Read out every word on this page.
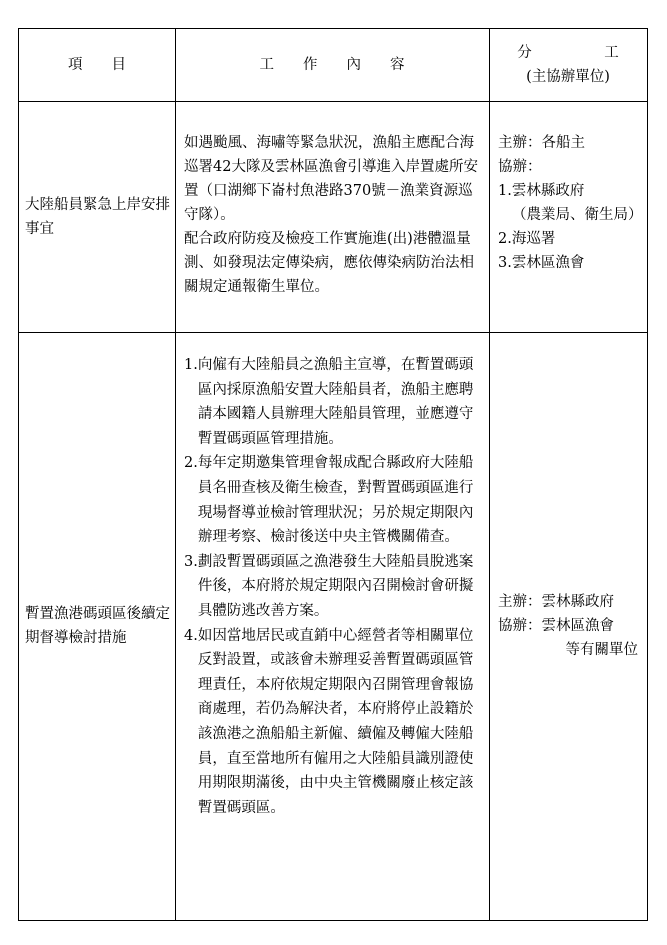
項　　目	工　　作　　內　　容
分　　　　　工
(主協辦單位)
大陸船員緊急上岸安排事宜

如遇颱風、海嘯等緊急狀況，漁船主應配合海巡署42大隊及雲林區漁會引導進入岸置處所安置（口湖鄉下崙村魚港路370號－漁業資源巡守隊）。

配合政府防疫及檢疫工作實施進(出)港體溫量測、如發現法定傳染病，應依傳染病防治法相關規定通報衛生單位。

主辦：各船主

協辦：

1. 雲林縣政府
（農業局、衛生局）
2. 海巡署
3. 雲林區漁會
暫置漁港碼頭區後續定期督導檢討措施
1. 向僱有大陸船員之漁船主宣導，在暫置碼頭區內採原漁船安置大陸船員者，漁船主應聘請本國籍人員辦理大陸船員管理，並應遵守暫置碼頭區管理措施。
2. 每年定期邀集管理會報成配合縣政府大陸船員名冊查核及衛生檢查，對暫置碼頭區進行現場督導並檢討管理狀況；另於規定期限內辦理考察、檢討後送中央主管機關備查。
3. 劃設暫置碼頭區之漁港發生大陸船員脫逃案件後，本府將於規定期限內召開檢討會研擬具體防逃改善方案。
4. 如因當地居民或直銷中心經營者等相關單位反對設置，或該會未辦理妥善暫置碼頭區管理責任，本府依規定期限內召開管理會報協商處理，若仍為解決者，本府將停止設籍於該漁港之漁船船主新僱、續僱及轉僱大陸船員，直至當地所有僱用之大陸船員識別證使用期限期滿後，由中央主管機關廢止核定該暫置碼頭區。

主辦：雲林縣政府

協辦：雲林區漁會

等有關單位
